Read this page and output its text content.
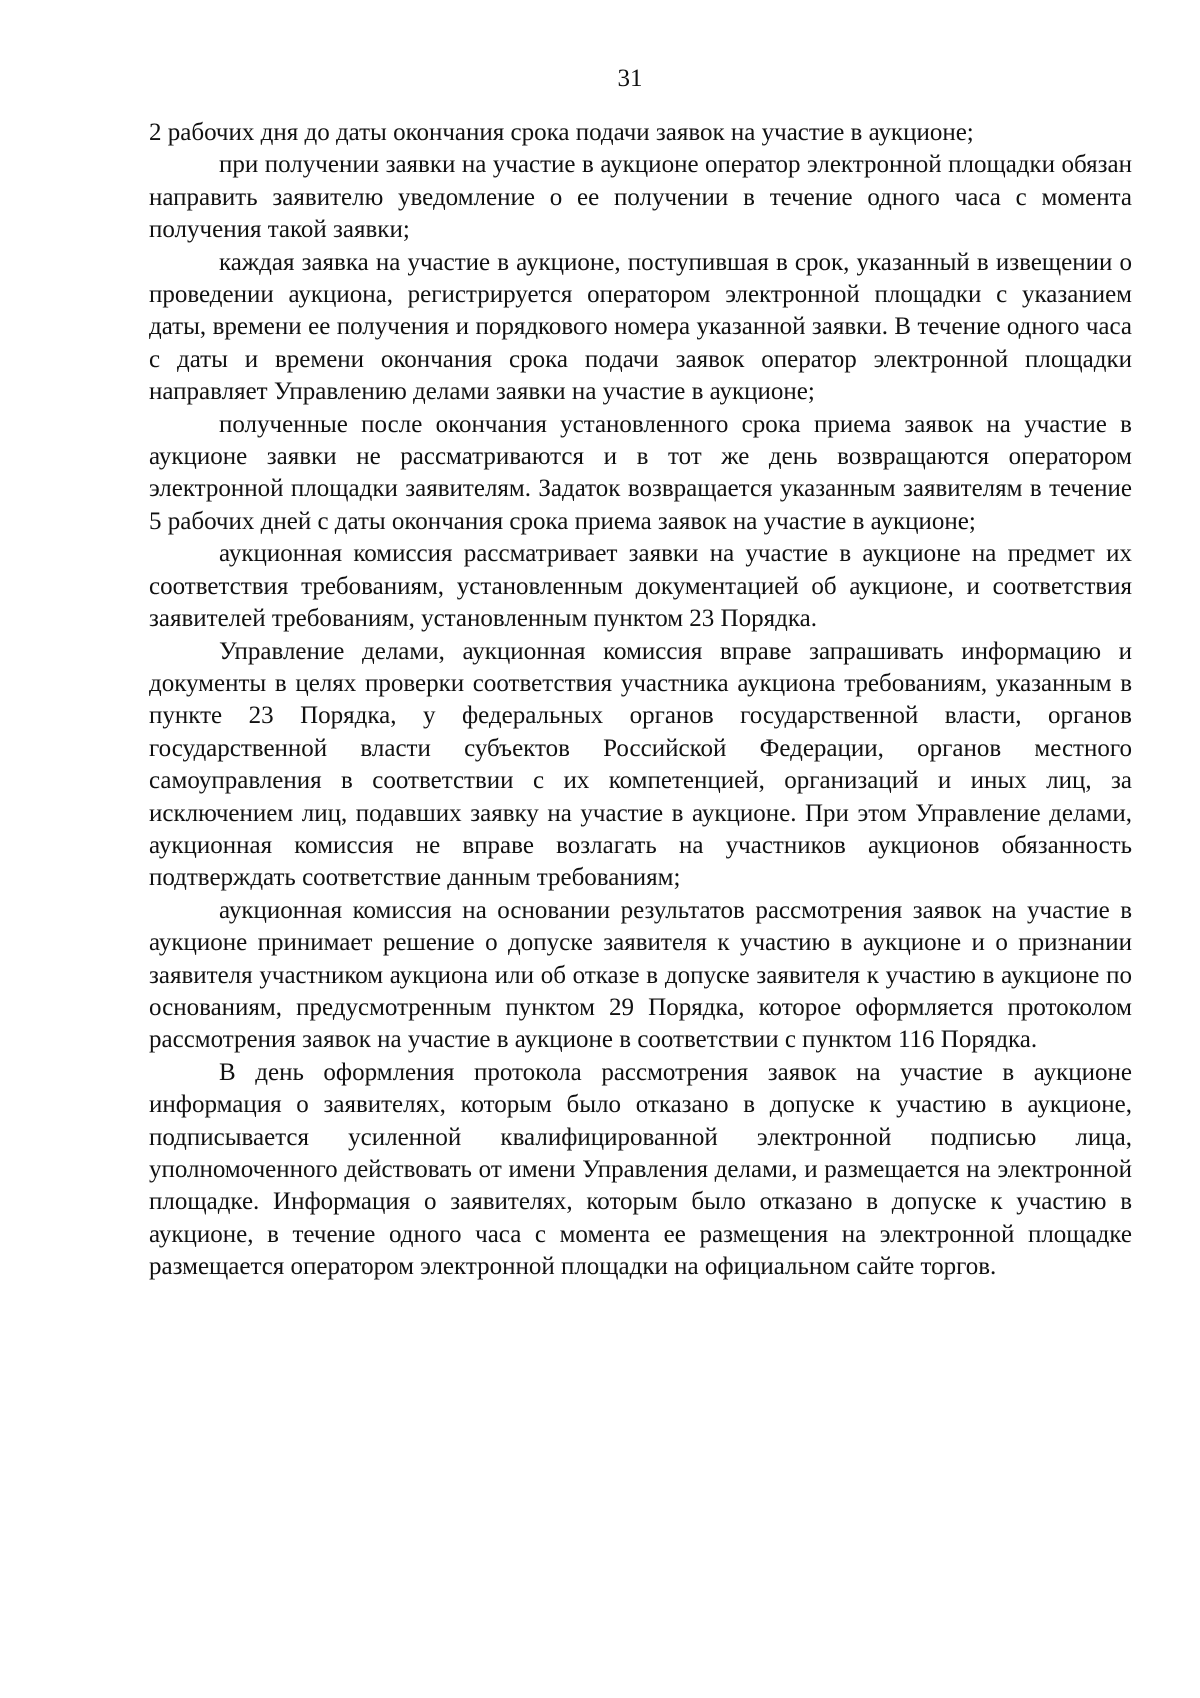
31

2 рабочих дня до даты окончания срока подачи заявок на участие в аукционе;

при получении заявки на участие в аукционе оператор электронной площадки обязан направить заявителю уведомление о ее получении в течение одного часа с момента получения такой заявки;

каждая заявка на участие в аукционе, поступившая в срок, указанный в извещении о проведении аукциона, регистрируется оператором электронной площадки с указанием даты, времени ее получения и порядкового номера указанной заявки. В течение одного часа с даты и времени окончания срока подачи заявок оператор электронной площадки направляет Управлению делами заявки на участие в аукционе;

полученные после окончания установленного срока приема заявок на участие в аукционе заявки не рассматриваются и в тот же день возвращаются оператором электронной площадки заявителям. Задаток возвращается указанным заявителям в течение 5 рабочих дней с даты окончания срока приема заявок на участие в аукционе;

аукционная комиссия рассматривает заявки на участие в аукционе на предмет их соответствия требованиям, установленным документацией об аукционе, и соответствия заявителей требованиям, установленным пунктом 23 Порядка.

Управление делами, аукционная комиссия вправе запрашивать информацию и документы в целях проверки соответствия участника аукциона требованиям, указанным в пункте 23 Порядка, у федеральных органов государственной власти, органов государственной власти субъектов Российской Федерации, органов местного самоуправления в соответствии с их компетенцией, организаций и иных лиц, за исключением лиц, подавших заявку на участие в аукционе. При этом Управление делами, аукционная комиссия не вправе возлагать на участников аукционов обязанность подтверждать соответствие данным требованиям;

аукционная комиссия на основании результатов рассмотрения заявок на участие в аукционе принимает решение о допуске заявителя к участию в аукционе и о признании заявителя участником аукциона или об отказе в допуске заявителя к участию в аукционе по основаниям, предусмотренным пунктом 29 Порядка, которое оформляется протоколом рассмотрения заявок на участие в аукционе в соответствии с пунктом 116 Порядка.

В день оформления протокола рассмотрения заявок на участие в аукционе информация о заявителях, которым было отказано в допуске к участию в аукционе, подписывается усиленной квалифицированной электронной подписью лица, уполномоченного действовать от имени Управления делами, и размещается на электронной площадке. Информация о заявителях, которым было отказано в допуске к участию в аукционе, в течение одного часа с момента ее размещения на электронной площадке размещается оператором электронной площадки на официальном сайте торгов.
